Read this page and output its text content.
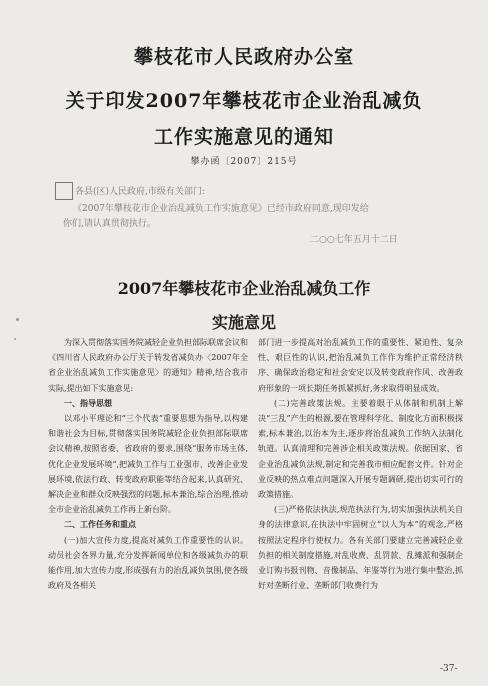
攀枝花市人民政府办公室
关于印发2007年攀枝花市企业治乱减负
工作实施意见的通知
攀办函〔2007〕215号
各县(区)人民政府,市级有关部门:
《2007年攀枝花市企业治乱减负工作实施意见》已经市政府同意,现印发给
你们,请认真贯彻执行。
二○○七年五月十二日
2007年攀枝花市企业治乱减负工作
实施意见

为深入贯彻落实国务院减轻企业负担部际联席会议和《四川省人民政府办公厅关于转发省减负办〈2007年全省企业治乱减负工作实施意见〉的通知》精神,结合我市实际,提出如下实施意见:

一、指导思想

以邓小平理论和“三个代表”重要思想为指导,以构建和谐社会为目标,贯彻落实国务院减轻企业负担部际联席会议精神,按照省委、省政府的要求,围绕“服务市场主体,优化企业发展环境”,把减负工作与工业强市、改善企业发展环境,依法行政、转变政府职能等结合起来,认真研究、解决企业和群众反映强烈的问题,标本兼治,综合治理,推动全市企业治乱减负工作再上新台阶。

二、工作任务和重点

(一)加大宣传力度,提高对减负工作重要性的认识。动员社会各界力量,充分发挥新闻单位和各级减负办的职能作用,加大宣传力度,形成强有力的治乱减负氛围,使各级政府及各相关

部门进一步提高对治乱减负工作的重要性、紧迫性、复杂性、艰巨性的认识,把治乱减负工作作为维护正常经济秩序、确保政治稳定和社会安定以及转变政府作风、改善政府形象的一项长期任务抓紧抓好,务求取得明显成效。

(二)完善政策法规。主要着眼于从体制和机制上解决“三乱”产生的根源,要在管理科学化、制度化方面积极探索,标本兼治,以治本为主,逐步将治乱减负工作纳入法制化轨道。认真清理和完善涉企相关政策法规。依据国家、省企业治乱减负法规,制定和完善我市相应配套文件。针对企业反映的热点难点问题深入开展专题调研,提出切实可行的政策措施。

(三)严格依法执法,规范执法行为,切实加强执法机关自身的法律意识,在执法中牢固树立“以人为本”的观念,严格按照法定程序行使权力。各有关部门要建立完善减轻企业负担的相关制度措施,对乱收费、乱罚款、乱摊派和强制企业订购书报刊物、音像制品、年鉴等行为进行集中整治,抓好对垄断行业、垄断部门收费行为

-37-
